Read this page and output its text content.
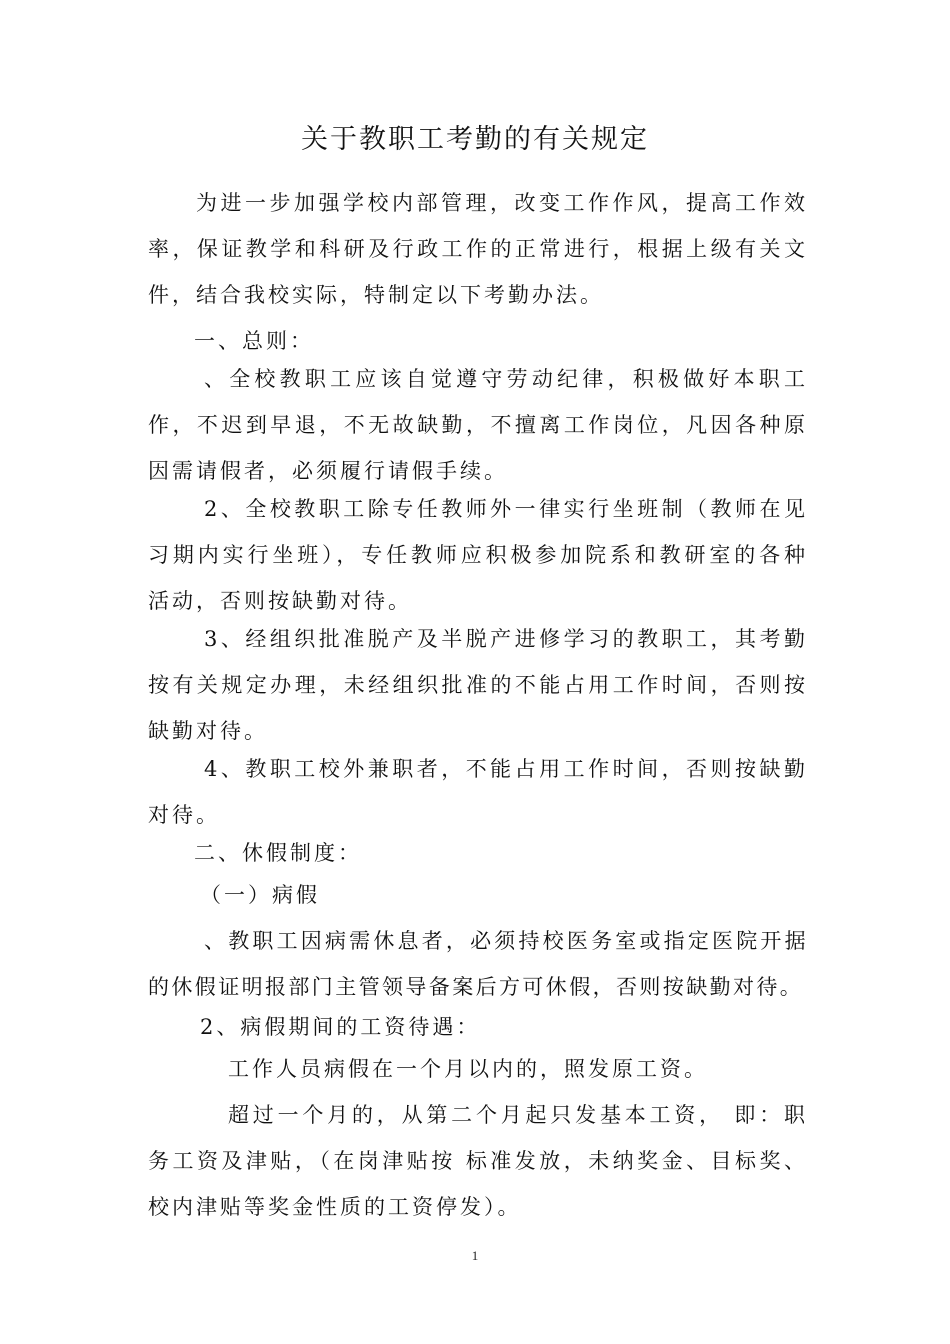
关于教职工考勤的有关规定

为进一步加强学校内部管理，改变工作作风，提高工作效率，保证教学和科研及行政工作的正常进行，根据上级有关文件，结合我校实际，特制定以下考勤办法。

一、总则：

、全校教职工应该自觉遵守劳动纪律，积极做好本职工作，不迟到早退，不无故缺勤，不擅离工作岗位，凡因各种原因需请假者，必须履行请假手续。

2、全校教职工除专任教师外一律实行坐班制（教师在见习期内实行坐班），专任教师应积极参加院系和教研室的各种活动，否则按缺勤对待。

3、经组织批准脱产及半脱产进修学习的教职工，其考勤按有关规定办理，未经组织批准的不能占用工作时间，否则按缺勤对待。

4、教职工校外兼职者，不能占用工作时间，否则按缺勤对待。

二、休假制度：

（一）病假

、教职工因病需休息者，必须持校医务室或指定医院开据的休假证明报部门主管领导备案后方可休假，否则按缺勤对待。

2、病假期间的工资待遇：

工作人员病假在一个月以内的，照发原工资。

超过一个月的，从第二个月起只发基本工资， 即：职务工资及津贴，（在岗津贴按 标准发放，未纳奖金、目标奖、校内津贴等奖金性质的工资停发）。

1
